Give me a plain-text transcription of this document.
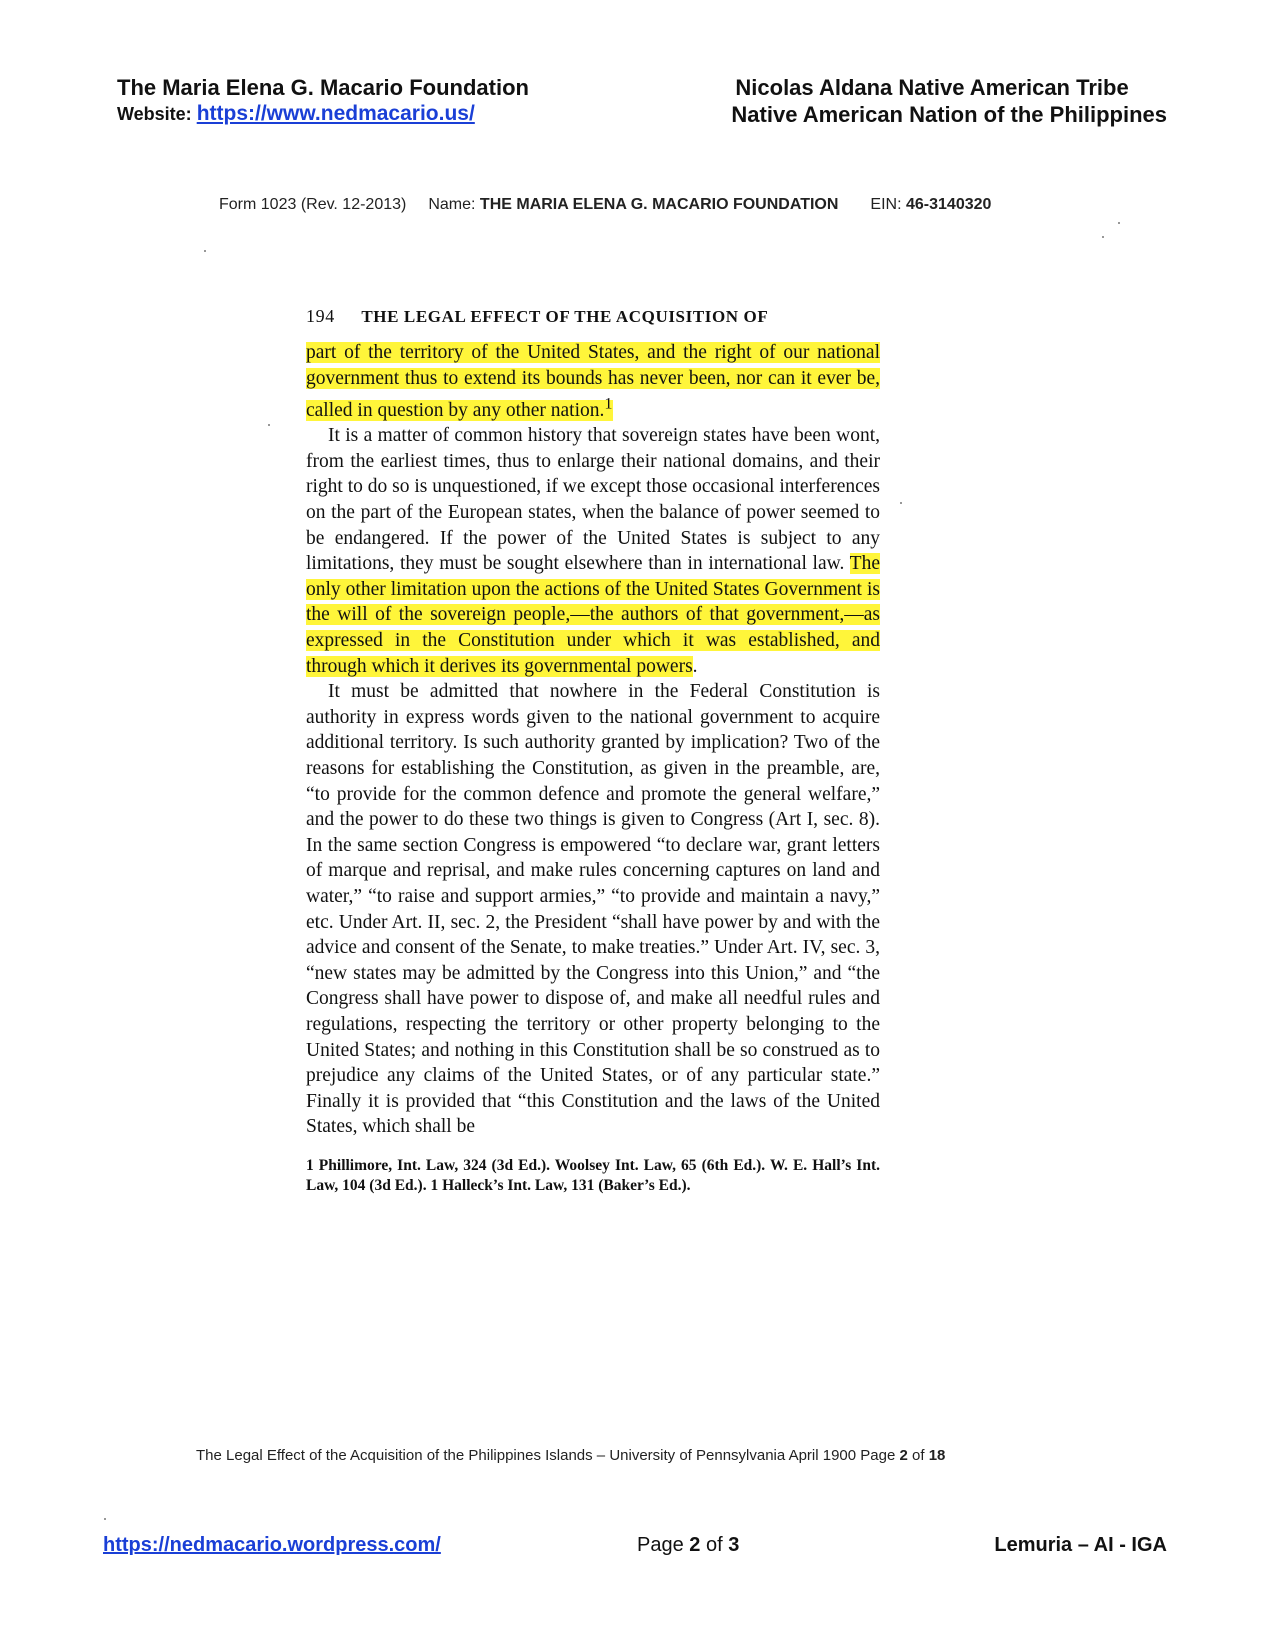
The Maria Elena G. Macario Foundation
Website: https://www.nedmacario.us/
Nicolas Aldana Native American Tribe
Native American Nation of the Philippines
Form 1023 (Rev. 12-2013) Name: THE MARIA ELENA G. MACARIO FOUNDATION EIN: 46-3140320
194 THE LEGAL EFFECT OF THE ACQUISITION OF

part of the territory of the United States, and the right of our national government thus to extend its bounds has never been, nor can it ever be, called in question by any other nation.$^1$

It is a matter of common history that sovereign states have been wont, from the earliest times, thus to enlarge their national domains, and their right to do so is unquestioned, if we except those occasional interferences on the part of the European states, when the balance of power seemed to be endangered. If the power of the United States is subject to any limitations, they must be sought elsewhere than in international law. The only other limitation upon the actions of the United States Government is the will of the sovereign people,—the authors of that government,—as expressed in the Constitution under which it was established, and through which it derives its governmental powers.

It must be admitted that nowhere in the Federal Constitution is authority in express words given to the national government to acquire additional territory. Is such authority granted by implication? Two of the reasons for establishing the Constitution, as given in the preamble, are, “to provide for the common defence and promote the general welfare,” and the power to do these two things is given to Congress (Art I, sec. 8). In the same section Congress is empowered “to declare war, grant letters of marque and reprisal, and make rules concerning captures on land and water,” “to raise and support armies,” “to provide and maintain a navy,” etc. Under Art. II, sec. 2, the President “shall have power by and with the advice and consent of the Senate, to make treaties.” Under Art. IV, sec. 3, “new states may be admitted by the Congress into this Union,” and “the Congress shall have power to dispose of, and make all needful rules and regulations, respecting the territory or other property belonging to the United States; and nothing in this Constitution shall be so construed as to prejudice any claims of the United States, or of any particular state.” Finally it is provided that “this Constitution and the laws of the United States, which shall be

1 Phillimore, Int. Law, 324 (3d Ed.). Woolsey Int. Law, 65 (6th Ed.). W. E. Hall’s Int. Law, 104 (3d Ed.). 1 Halleck’s Int. Law, 131 (Baker’s Ed.).
The Legal Effect of the Acquisition of the Philippines Islands – University of Pennsylvania April 1900 Page 2 of 18
https://nedmacario.wordpress.com/	Page 2 of 3	Lemuria – AI - IGA
